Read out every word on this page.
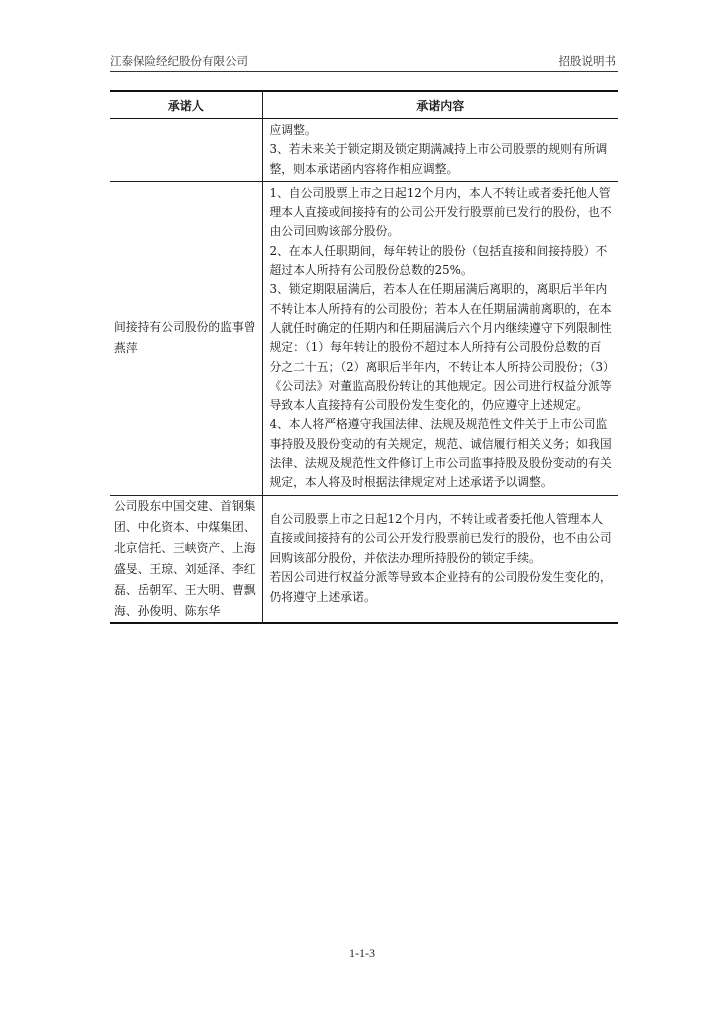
江泰保险经纪股份有限公司	招股说明书
承诺人	承诺内容

	应调整。

3、若未来关于锁定期及锁定期满减持上市公司股票的规则有所调整，则本承诺函内容将作相应调整。

间接持有公司股份的监事曾燕萍	1、自公司股票上市之日起12个月内，本人不转让或者委托他人管理本人直接或间接持有的公司公开发行股票前已发行的股份，也不由公司回购该部分股份。

2、在本人任职期间，每年转让的股份（包括直接和间接持股）不超过本人所持有公司股份总数的25%。

3、锁定期限届满后，若本人在任期届满后离职的，离职后半年内不转让本人所持有的公司股份；若本人在任期届满前离职的，在本人就任时确定的任期内和任期届满后六个月内继续遵守下列限制性规定：（1）每年转让的股份不超过本人所持有公司股份总数的百分之二十五；（2）离职后半年内，不转让本人所持公司股份；（3）《公司法》对董监高股份转让的其他规定。因公司进行权益分派等导致本人直接持有公司股份发生变化的，仍应遵守上述规定。

4、本人将严格遵守我国法律、法规及规范性文件关于上市公司监事持股及股份变动的有关规定，规范、诚信履行相关义务；如我国法律、法规及规范性文件修订上市公司监事持股及股份变动的有关规定，本人将及时根据法律规定对上述承诺予以调整。

公司股东中国交建、首钢集团、中化资本、中煤集团、北京信托、三峡资产、上海盛旻、王琼、刘延泽、李红磊、岳朝军、王大明、曹飘海、孙俊明、陈东华	自公司股票上市之日起12个月内，不转让或者委托他人管理本人直接或间接持有的公司公开发行股票前已发行的股份，也不由公司回购该部分股份，并依法办理所持股份的锁定手续。

若因公司进行权益分派等导致本企业持有的公司股份发生变化的，仍将遵守上述承诺。

1-1-3
